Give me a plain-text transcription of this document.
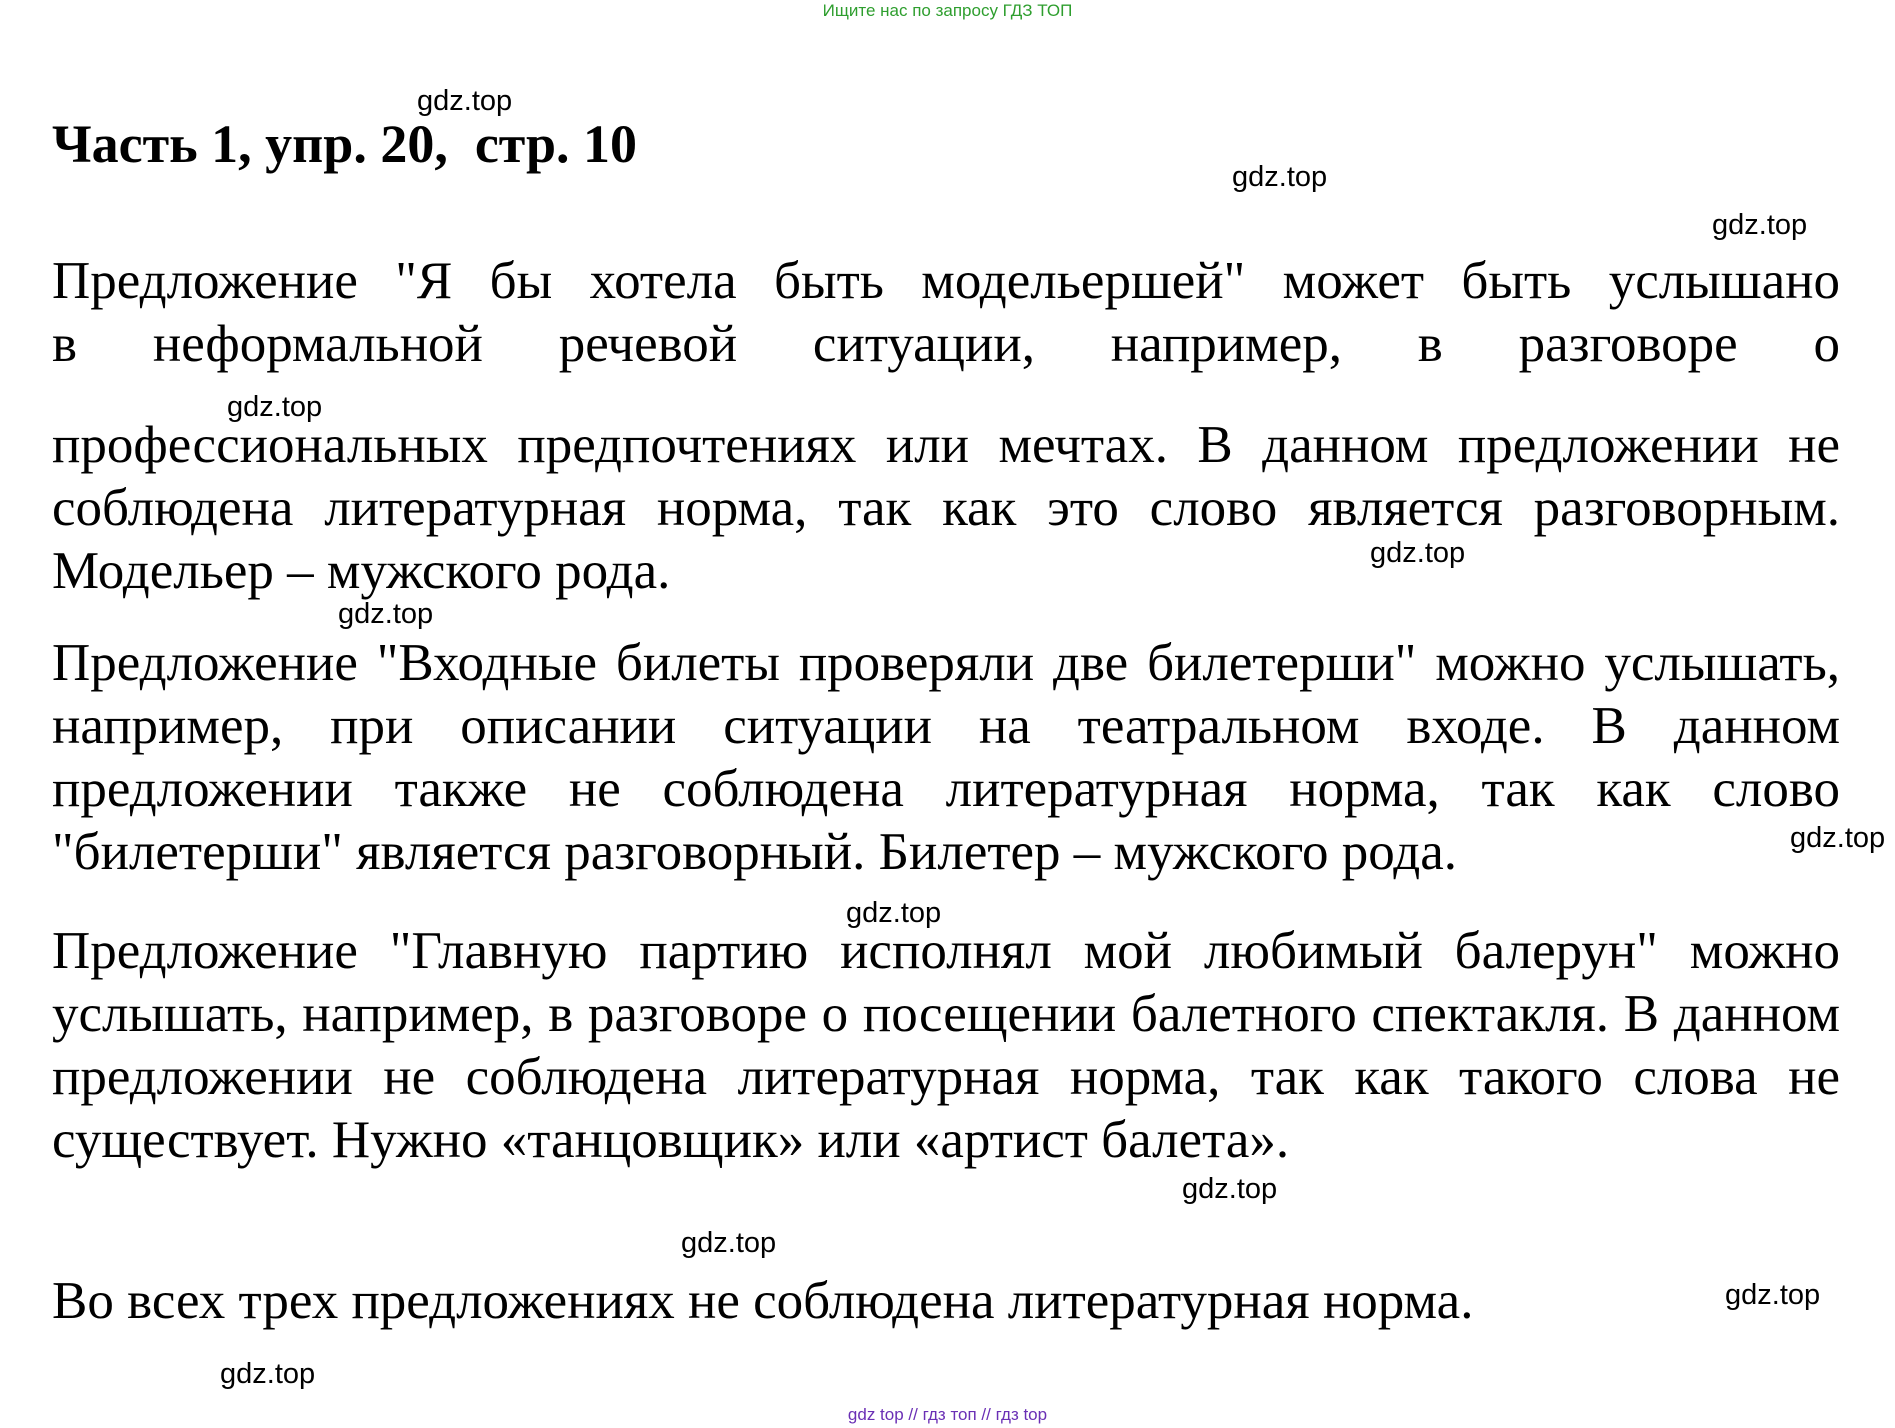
Ищите нас по запросу ГДЗ ТОП
Часть 1, упр. 20,  стр. 10
Предложение "Я бы хотела быть модельершей" может быть услышано
в неформальной речевой ситуации, например, в разговоре о
профессиональных предпочтениях или мечтах. В данном предложении не соблюдена литературная норма, так как это слово является разговорным. Модельер – мужского рода.

Предложение "Входные билеты проверяли две билетерши" можно услышать, например, при описании ситуации на театральном входе. В данном предложении также не соблюдена литературная норма, так как слово "билетерши" является разговорный. Билетер – мужского рода.

Предложение "Главную партию исполнял мой любимый балерун" можно услышать, например, в разговоре о посещении балетного спектакля. В данном предложении не соблюдена литературная норма, так как такого слова не существует. Нужно «танцовщик» или «артист балета».

Во всех трех предложениях не соблюдена литературная норма.

gdz.top
gdz.top
gdz.top
gdz.top
gdz.top
gdz.top
gdz.top
gdz.top
gdz.top
gdz.top
gdz.top
gdz.top
gdz top // гдз топ // гдз top
